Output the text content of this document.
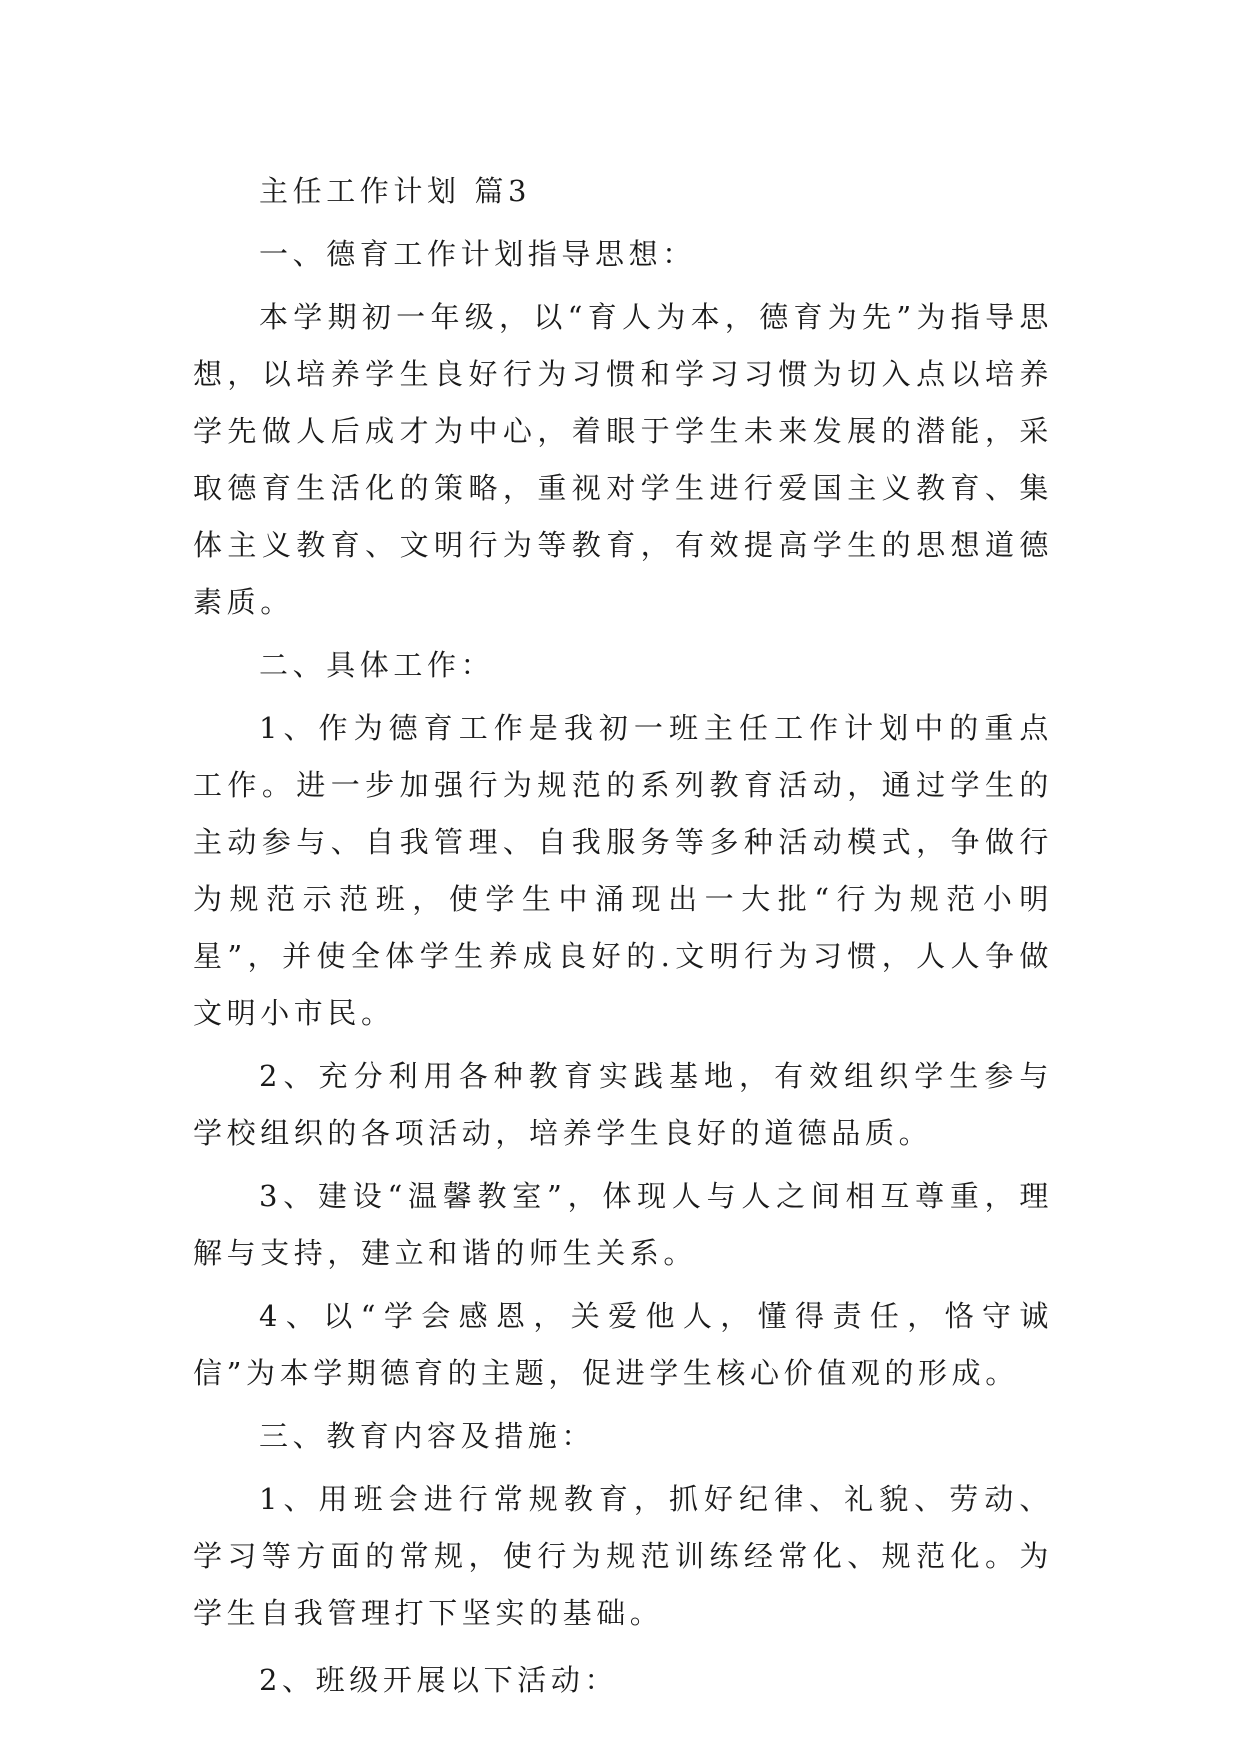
主任工作计划 篇3

一、德育工作计划指导思想：

本学期初一年级，以“育人为本，德育为先”为指导思想，以培养学生良好行为习惯和学习习惯为切入点以培养学先做人后成才为中心，着眼于学生未来发展的潜能，采取德育生活化的策略，重视对学生进行爱国主义教育、集体主义教育、文明行为等教育，有效提高学生的思想道德素质。

二、具体工作：

1、作为德育工作是我初一班主任工作计划中的重点工作。进一步加强行为规范的系列教育活动，通过学生的主动参与、自我管理、自我服务等多种活动模式，争做行为规范示范班，使学生中涌现出一大批“行为规范小明星”，并使全体学生养成良好的.文明行为习惯，人人争做文明小市民。

2、充分利用各种教育实践基地，有效组织学生参与学校组织的各项活动，培养学生良好的道德品质。

3、建设“温馨教室”，体现人与人之间相互尊重，理解与支持，建立和谐的师生关系。

4、以“学会感恩，关爱他人，懂得责任，恪守诚信”为本学期德育的主题，促进学生核心价值观的形成。

三、教育内容及措施：

1、用班会进行常规教育，抓好纪律、礼貌、劳动、学习等方面的常规，使行为规范训练经常化、规范化。为学生自我管理打下坚实的基础。

2、班级开展以下活动：
